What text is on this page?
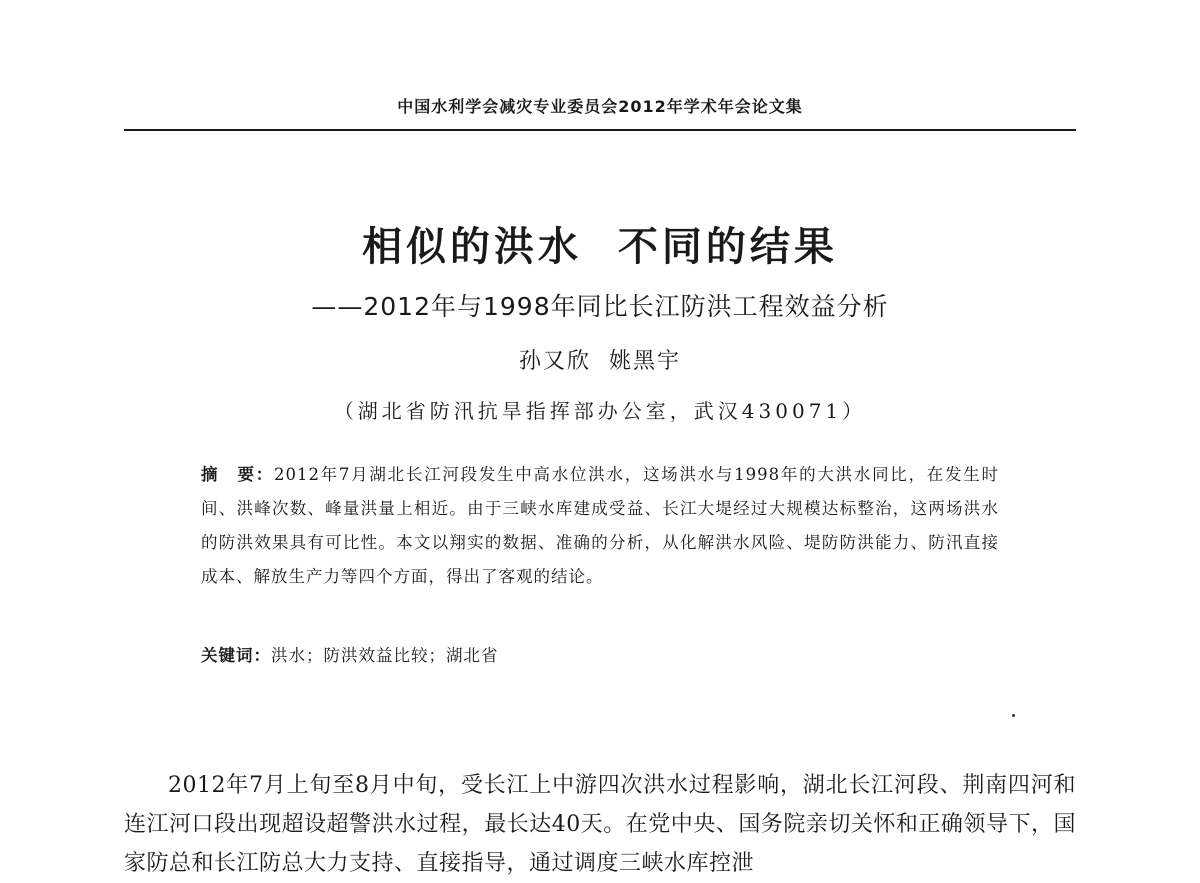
中国水利学会减灾专业委员会2012年学术年会论文集
相似的洪水  不同的结果
——2012年与1998年同比长江防洪工程效益分析
孙又欣  姚黑宇
（湖北省防汛抗旱指挥部办公室，武汉430071）

摘　要：2012年7月湖北长江河段发生中高水位洪水，这场洪水与1998年的大洪水同比，在发生时间、洪峰次数、峰量洪量上相近。由于三峡水库建成受益、长江大堤经过大规模达标整治，这两场洪水的防洪效果具有可比性。本文以翔实的数据、准确的分析，从化解洪水风险、堤防防洪能力、防汛直接成本、解放生产力等四个方面，得出了客观的结论。

关键词：洪水；防洪效益比较；湖北省

2012年7月上旬至8月中旬，受长江上中游四次洪水过程影响，湖北长江河段、荆南四河和连江河口段出现超设超警洪水过程，最长达40天。在党中央、国务院亲切关怀和正确领导下，国家防总和长江防总大力支持、直接指导，通过调度三峡水库控泄
